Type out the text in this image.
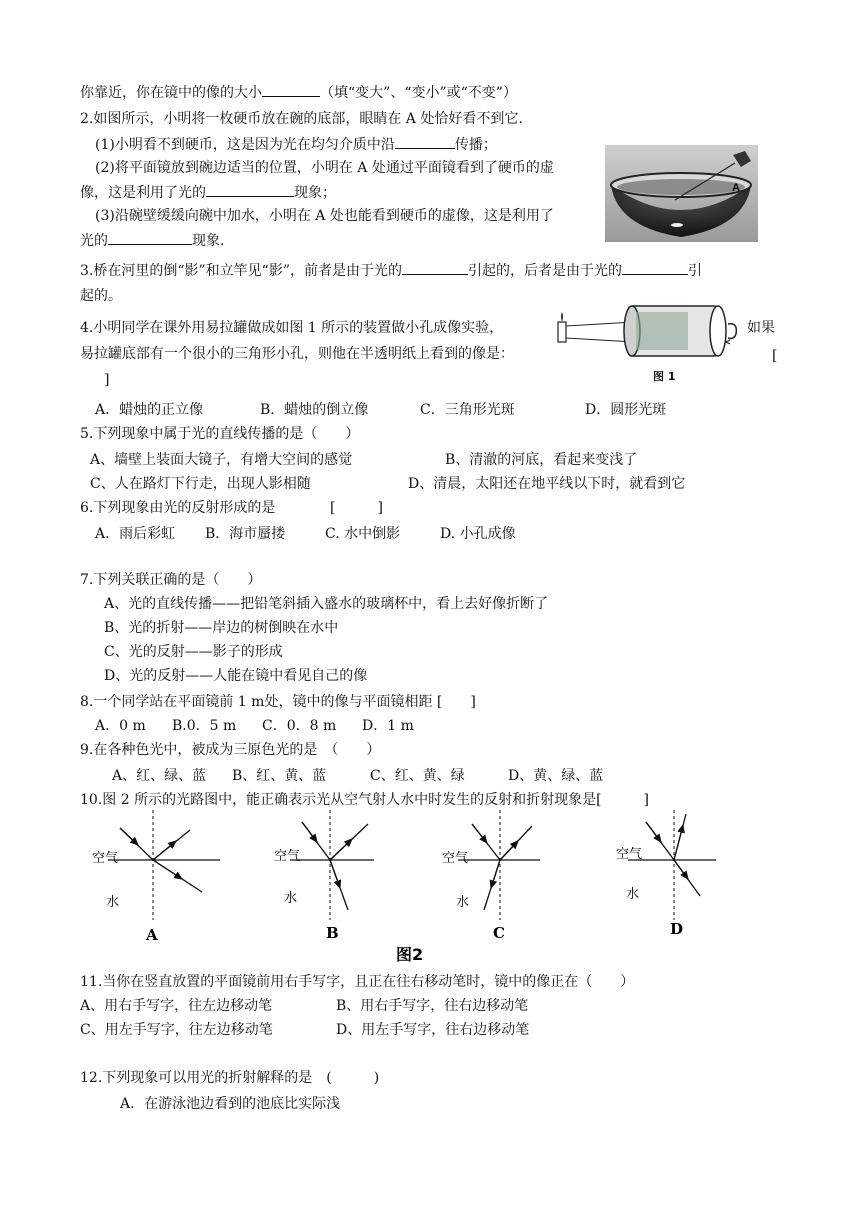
你靠近，你在镜中的像的大小	（填“变大”、“变小”或“不变”）
2.如图所示，小明将一枚硬币放在碗的底部，眼睛在 A 处恰好看不到它.
(1)小明看不到硬币，这是因为光在均匀介质中沿	传播；
(2)将平面镜放到碗边适当的位置，小明在 A 处通过平面镜看到了硬币的虚
像，这是利用了光的	现象；
(3)沿碗壁缓缓向碗中加水，小明在 A 处也能看到硬币的虚像，这是利用了
光的	现象.
A
3.桥在河里的倒“影”和立竿见“影”，前者是由于光的	引起的，后者是由于光的	引
起的。
4.小明同学在课外用易拉罐做成如图 1 所示的装置做小孔成像实验，	如果
易拉罐底部有一个很小的三角形小孔，则他在半透明纸上看到的像是：	[
]	图 1
A．蜡烛的正立像	B．蜡烛的倒立像	C．三角形光斑	D．圆形光斑
5.下列现象中属于光的直线传播的是（　　）
A、墙壁上装面大镜子，有增大空间的感觉	B、清澈的河底，看起来变浅了
C、人在路灯下行走，出现人影相随	D、清晨，太阳还在地平线以下时，就看到它
6.下列现象由光的反射形成的是	[　　　]
A．雨后彩虹 B．海市蜃搂	C. 水中倒影	D. 小孔成像
7.下列关联正确的是（　　）
A、光的直线传播——把铅笔斜插入盛水的玻璃杯中，看上去好像折断了
B、光的折射——岸边的树倒映在水中
C、光的反射——影子的形成
D、光的反射——人能在镜中看见自己的像
8.一个同学站在平面镜前 1 m处，镜中的像与平面镜相距 [　　]
A．0 m B.0．5 m C．0．8 m D．1 m
9.在各种色光中，被成为三原色光的是　（　　）
A、红、绿、蓝 B、红、黄、蓝	C、红、黄、绿	D、黄、绿、蓝
10.图 2 所示的光路图中，能正确表示光从空气射人水中时发生的反射和折射现象是[　　　]
空气
水
A
空气
水
B
空气
水
C
空气
水
D
图2
11.当你在竖直放置的平面镜前用右手写字，且正在往右移动笔时，镜中的像正在（　　）
A、用右手写字，往左边移动笔	B、用右手写字，往右边移动笔
C、用左手写字，往左边移动笔	D、用左手写字，往右边移动笔
12.下列现象可以用光的折射解释的是　(　　　)
A．在游泳池边看到的池底比实际浅
